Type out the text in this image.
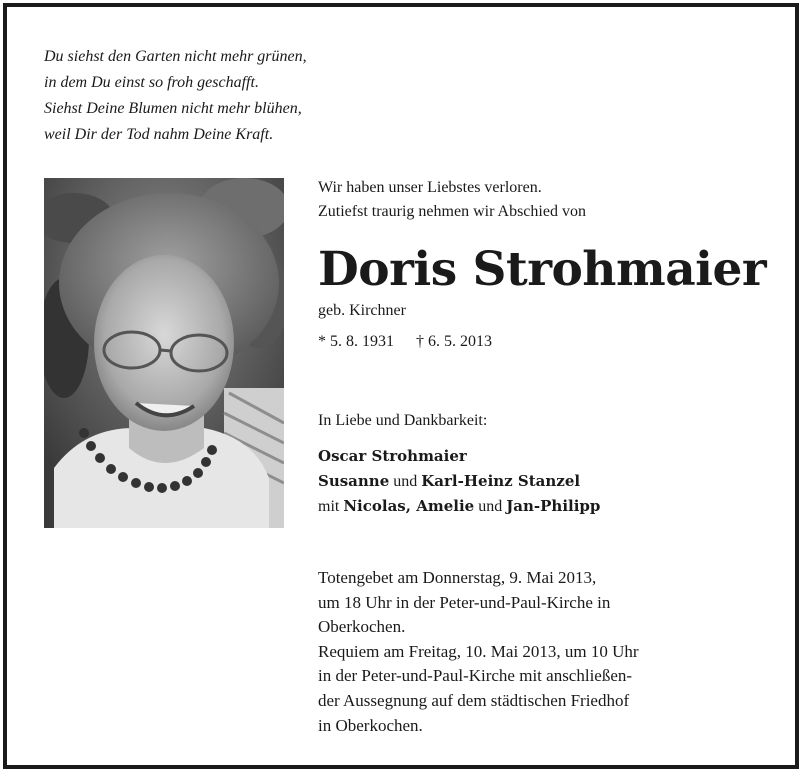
Du siehst den Garten nicht mehr grünen,
in dem Du einst so froh geschafft.
Siehst Deine Blumen nicht mehr blühen,
weil Dir der Tod nahm Deine Kraft.
Wir haben unser Liebstes verloren.
Zutiefst traurig nehmen wir Abschied von
Doris Strohmaier
geb. Kirchner
* 5. 8. 1931 † 6. 5. 2013
In Liebe und Dankbarkeit:
Oscar Strohmaier
Susanne und Karl-Heinz Stanzel
mit Nicolas, Amelie und Jan-Philipp
Totengebet am Donnerstag, 9. Mai 2013,
um 18 Uhr in der Peter-und-Paul-Kirche in
Oberkochen.
Requiem am Freitag, 10. Mai 2013, um 10 Uhr
in der Peter-und-Paul-Kirche mit anschließen-
der Aussegnung auf dem städtischen Friedhof
in Oberkochen.
